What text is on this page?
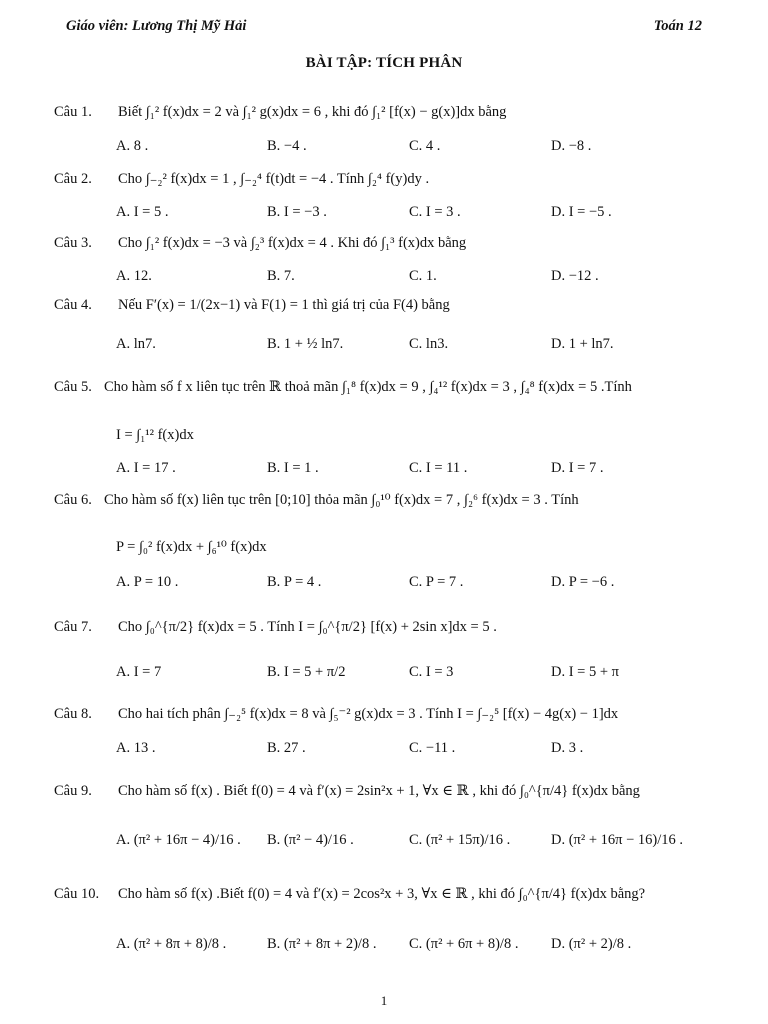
Giáo viên: Lương Thị Mỹ Hải	Toán 12
BÀI TẬP: TÍCH PHÂN
Câu 1. Biết ∫₁² f(x)dx = 2 và ∫₁² g(x)dx = 6 , khi đó ∫₁² [f(x) − g(x)]dx bằng
A. 8 .	B. −4 .	C. 4 .	D. −8 .
Câu 2. Cho ∫₋₂² f(x)dx = 1 , ∫₋₂⁴ f(t)dt = −4 . Tính ∫₂⁴ f(y)dy .
A. I = 5 .	B. I = −3 .	C. I = 3 .	D. I = −5 .
Câu 3. Cho ∫₁² f(x)dx = −3 và ∫₂³ f(x)dx = 4 . Khi đó ∫₁³ f(x)dx bằng
A. 12.	B. 7.	C. 1.	D. −12 .
Câu 4. Nếu F′(x) = 1/(2x−1) và F(1) = 1 thì giá trị của F(4) bằng
A. ln7.	B. 1 + ½ ln7.	C. ln3.	D. 1 + ln7.
Câu 5. Cho hàm số f x liên tục trên ℝ thoả mãn ∫₁⁸ f(x)dx = 9 , ∫₄¹² f(x)dx = 3 , ∫₄⁸ f(x)dx = 5 .Tính
I = ∫₁¹² f(x)dx
A. I = 17 .	B. I = 1 .	C. I = 11 .	D. I = 7 .
Câu 6. Cho hàm số f(x) liên tục trên [0;10] thỏa mãn ∫₀¹⁰ f(x)dx = 7 , ∫₂⁶ f(x)dx = 3 . Tính
P = ∫₀² f(x)dx + ∫₆¹⁰ f(x)dx
A. P = 10 .	B. P = 4 .	C. P = 7 .	D. P = −6 .
Câu 7. Cho ∫₀^{π/2} f(x)dx = 5 . Tính I = ∫₀^{π/2} [f(x) + 2sin x]dx = 5 .
A. I = 7	B. I = 5 + π/2	C. I = 3	D. I = 5 + π
Câu 8. Cho hai tích phân ∫₋₂⁵ f(x)dx = 8 và ∫₅⁻² g(x)dx = 3 . Tính I = ∫₋₂⁵ [f(x) − 4g(x) − 1]dx
A. 13 .	B. 27 .	C. −11 .	D. 3 .
Câu 9. Cho hàm số f(x) . Biết f(0) = 4 và f′(x) = 2sin²x + 1, ∀x ∈ ℝ , khi đó ∫₀^{π/4} f(x)dx bằng
A. (π² + 16π − 4)/16 . B. (π² − 4)/16 .	C. (π² + 15π)/16 .	D. (π² + 16π − 16)/16 .
Câu 10. Cho hàm số f(x) .Biết f(0) = 4 và f′(x) = 2cos²x + 3, ∀x ∈ ℝ , khi đó ∫₀^{π/4} f(x)dx bằng?
A. (π² + 8π + 8)/8 .	B. (π² + 8π + 2)/8 . C. (π² + 6π + 8)/8 . D. (π² + 2)/8 .
1
